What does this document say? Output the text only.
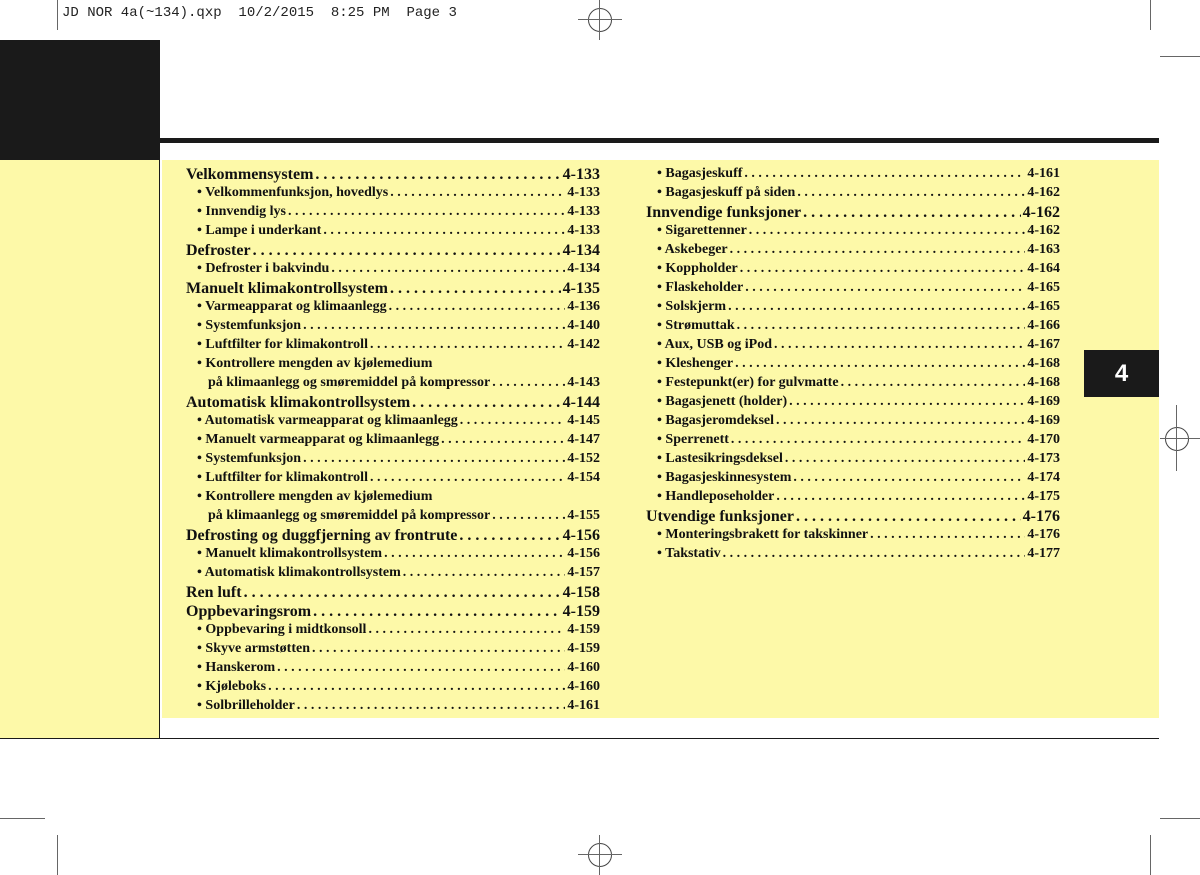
JD NOR 4a(~134).qxp  10/2/2015  8:25 PM  Page 3
4
Velkommensystem . . .	4-133
• Velkommenfunksjon, hovedlys . . .	4-133
• Innvendig lys . . .	4-133
• Lampe i underkant . . .	4-133
Defroster . . .	4-134
• Defroster i bakvindu . . .	4-134
Manuelt klimakontrollsystem . . .	4-135
• Varmeapparat og klimaanlegg . . .	4-136
• Systemfunksjon . . .	4-140
• Luftfilter for klimakontroll . . .	4-142
• Kontrollere mengden av kjølemedium
på klimaanlegg og smøremiddel på kompressor . . .	4-143
Automatisk klimakontrollsystem . . .	4-144
• Automatisk varmeapparat og klimaanlegg . . .	4-145
• Manuelt varmeapparat og klimaanlegg . . .	4-147
• Systemfunksjon . . .	4-152
• Luftfilter for klimakontroll . . .	4-154
• Kontrollere mengden av kjølemedium
på klimaanlegg og smøremiddel på kompressor . . .	4-155
Defrosting og duggfjerning av frontrute . . .	4-156
• Manuelt klimakontrollsystem . . .	4-156
• Automatisk klimakontrollsystem . . .	4-157
Ren luft . . .	4-158
Oppbevaringsrom . . .	4-159
• Oppbevaring i midtkonsoll . . .	4-159
• Skyve armstøtten . . .	4-159
• Hanskerom . . .	4-160
• Kjøleboks . . .	4-160
• Solbrilleholder . . .	4-161
• Bagasjeskuff . . .	4-161
• Bagasjeskuff på siden . . .	4-162
Innvendige funksjoner . . .	4-162
• Sigarettenner . . .	4-162
• Askebeger . . .	4-163
• Koppholder . . .	4-164
• Flaskeholder . . .	4-165
• Solskjerm . . .	4-165
• Strømuttak . . .	4-166
• Aux, USB og iPod . . .	4-167
• Kleshenger . . .	4-168
• Festepunkt(er) for gulvmatte . . .	4-168
• Bagasjenett (holder) . . .	4-169
• Bagasjeromdeksel . . .	4-169
• Sperrenett . . .	4-170
• Lastesikringsdeksel . . .	4-173
• Bagasjeskinnesystem . . .	4-174
• Handleposeholder . . .	4-175
Utvendige funksjoner . . .	4-176
• Monteringsbrakett for takskinner . . .	4-176
• Takstativ . . .	4-177
